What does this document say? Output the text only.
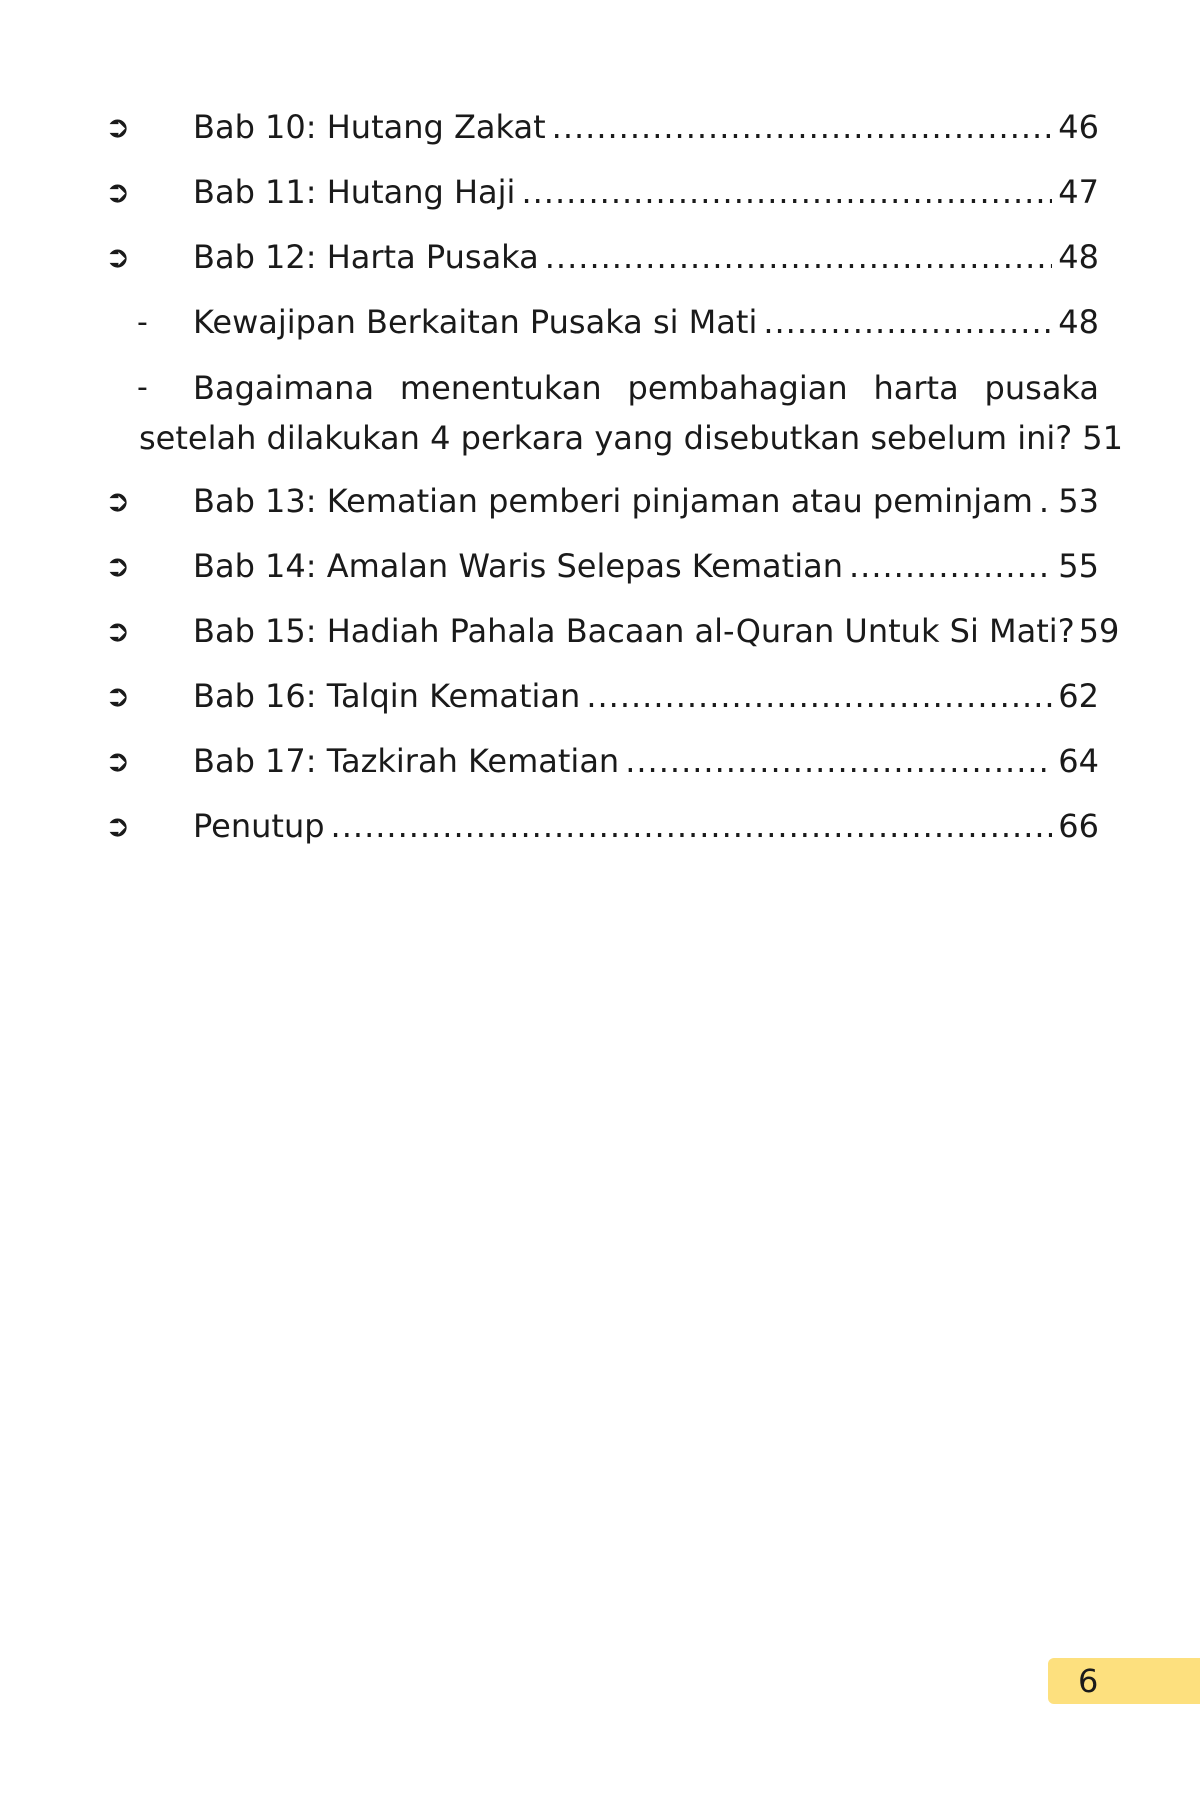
➲	Bab 10: Hutang Zakat .....	46
➲	Bab 11: Hutang Haji .....	47
➲	Bab 12: Harta Pusaka .....	48
-	Kewajipan Berkaitan Pusaka si Mati .....	48
- Bagaimana menentukan pembahagian harta pusaka
setelah dilakukan 4 perkara yang disebutkan sebelum ini? 51
➲	Bab 13: Kematian pemberi pinjaman atau peminjam ..... 53
➲	Bab 14: Amalan Waris Selepas Kematian .....	55
➲	Bab 15: Hadiah Pahala Bacaan al-Quran Untuk Si Mati? 59
➲	Bab 16: Talqin Kematian .....	62
➲	Bab 17: Tazkirah Kematian .....	64
➲	Penutup .....	66
6
